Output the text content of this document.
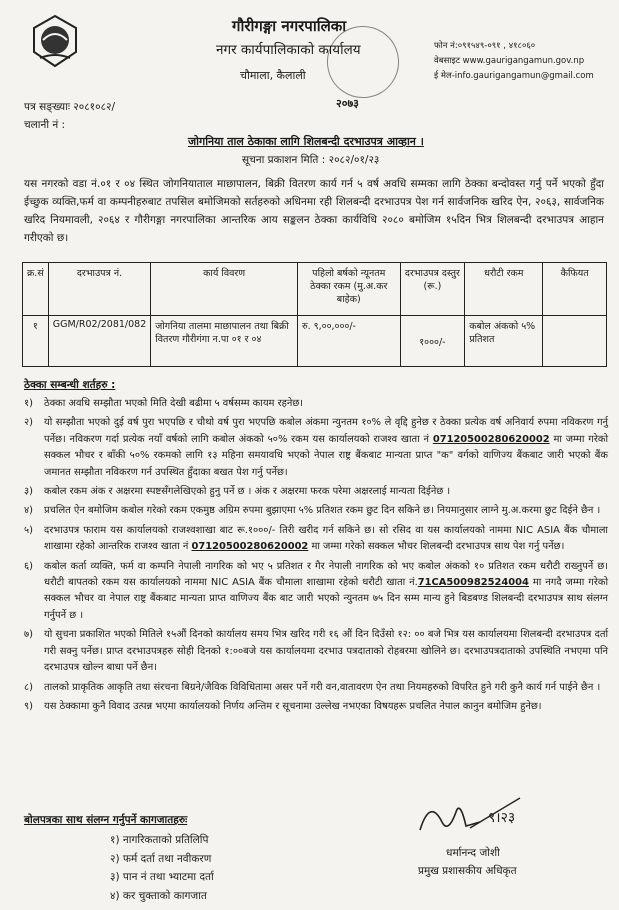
गौरीगङ्गा नगरपालिका
नगर कार्यपालिकाको कार्यालय
चौमाला, कैलाली
२०७३
फोन नं:०९१५४९-०९१ , ४१८०६०
वेबसाइट www.gaurigangamun.gov.np
ई मेल-info.gaurigangamun@gmail.com
पत्र सङ्ख्याः २०८१०८२/
चलानी नं :
जोगनिया ताल ठेकाका लागि शिलबन्दी दरभाउपत्र आव्हान ।
सूचना प्रकाशन मिति : २०८२/०१/२३
यस नगरको वडा नं.०१ र ०४ स्थित जोगनियाताल माछापालन, बिक्री वितरण कार्य गर्न ५ वर्ष अवधि सम्मका लागि ठेक्का बन्दोवस्त गर्नु पर्ने भएको हुँदा ईच्छुक व्यक्ति,फर्म वा कम्पनीहरुबाट तपसिल बमोजिमको सर्तहरुको अधिनमा रही शिलबन्दी दरभाउपत्र पेश गर्न सार्वजनिक खरिद ऐन, २०६३, सार्वजनिक खरिद नियमावली, २०६४ र गौरीगङ्गा नगरपालिका आन्तरिक आय सङ्कलन ठेक्का कार्यविधि २०८० बमोजिम १५दिन भित्र शिलबन्दी दरभाउपत्र आहान गरीएको छ।
क्र.सं	दरभाउपत्र नं.	कार्य विवरण	पहिलो बर्षको न्यूनतम ठेक्का रकम (मु.अ.कर बाहेक)	दरभाउपत्र दस्तुर (रू.)	धरौटी रकम	कैफियत
१	GGM/R02/2081/082	जोगनिया तालमा माछापालन तथा बिक्री वितरण गौरीगंगा न.पा ०१ र ०४	रु. ९,००,०००/-	१०००/-	कबोल अंकको ५% प्रतिशत	
ठेक्का सम्बन्धी शर्तहरु :
१)	ठेक्का अवधि सम्झौता भएको मिति देखी बढीमा ५ वर्षसम्म कायम रहनेछ।
२)	यो सम्झौता भएको दुई वर्ष पुरा भएपछि र चौथो वर्ष पुरा भएपछि कबोल अंकमा न्युनतम १०% ले वृद्दि हुनेछ र ठेक्का प्रत्येक वर्ष अनिवार्य रुपमा नविकरण गर्नु पर्नेछ। नविकरण गर्दा प्रत्येक नयाँ वर्षको लागि कबोल अंकको ५०% रकम यस कार्यालयको राजश्व खाता नं 07120500280620002 मा जम्मा गरेको सक्कल भौचर र बाँकी ५०% रकमको लागि १३ महिना समयावधि भएको नेपाल राष्ट्र बैंकबाट मान्यता प्राप्त "क" वर्गको वाणिज्य बैंकबाट जारी भएको बैंक जमानत सम्झौता नविकरण गर्न उपस्थित हुँदाका बखत पेश गर्नु पर्नेछ।
३)	कबोल रकम अंक र अक्षरमा स्पष्टसँगलेखिएको हुनु पर्ने छ । अंक र अक्षरमा फरक परेमा अक्षरलाई मान्यता दिईनेछ ।
४)	प्रचलित ऐन बमोजिम कबोल गरेको रकम एकमुष्ठ अग्रिम रुपमा बुझाएमा ५% प्रतिशत रकम छुट दिन सकिने छ। नियमानुसार लाग्ने मु.अ.करमा छुट दिईने छैन ।
५)	दरभाउपत्र फाराम यस कार्यालयको राजश्वशाखा बाट रू.१०००/- तिरी खरीद गर्न सकिने छ। सो रसिद वा यस कार्यालयको नाममा NIC ASIA बैंक चौमाला शाखामा रहेको आन्तरिक राजश्व खाता नं 07120500280620002 मा जम्मा गरेको सक्कल भौचर शिलबन्दी दरभाउपत्र साथ पेश गर्नु पर्नेछ।
६)	कबोल कर्ता व्यक्ति, फर्म वा कम्पनि नेपाली नागरिक को भए ५ प्रतिशत र गैर नेपाली नागरिक को भए कबोल अंकको १० प्रतिशत रकम धरौटी राख्नुपर्ने छ। धरौटी बापतको रकम यस कार्यालयको नाममा NIC ASIA बैंक चौमाला शाखामा रहेको धरौटी खाता नं.71CA500982524004 मा नगदै जम्मा गरेको सक्कल भौचर वा नेपाल राष्ट्र बैंकबाट मान्यता प्राप्त वाणिज्य बैंक बाट जारी भएको न्युनतम ७५ दिन सम्म मान्य हुने बिडबण्ड शिलबन्दी दरभाउपत्र साथ संलग्न गर्नुपर्ने छ ।
७)	यो सुचना प्रकाशित भएको मितिले १५औं दिनको कार्यालय समय भित्र खरिद गरी १६ औं दिन दिउँसो १२: ०० बजे भित्र यस कार्यालयमा शिलबन्दी दरभाउपत्र दर्ता गरी सक्नु पर्नेछ। प्राप्त दरभाउपत्रहरु सोही दिनको १:००बजे यस कार्यालयमा दरभाउ पत्रदाताको रोहबरमा खोलिने छ। दरभाउपत्रदाताको उपस्थिति नभएमा पनि दरभाउपत्र खोल्न बाधा पर्ने छैन।
८)	तालको प्राकृतिक आकृति तथा संरचना बिग्रने/जैविक विविधितामा असर पर्ने गरी वन,वातावरण ऐन तथा नियमहरुको विपरित हुने गरी कुनै कार्य गर्न पाईने छैन ।
९)	यस ठेक्कामा कुनै विवाद उत्पन्न भएमा कार्यालयको निर्णय अन्तिम र सूचनामा उल्लेख नभएका विषयहरू प्रचलित नेपाल कानुन बमोजिम हुनेछ।
बोलपत्रका साथ संलग्न गर्नुपर्ने कागजातहरुः
१) नागरिकताको प्रतिलिपि
२) फर्म दर्ता तथा नवीकरण
३) पान नं तथा भ्याटमा दर्ता
४) कर चुक्ताको कागजात
९।२३
धर्मानन्द जोशी
प्रमुख प्रशासकीय अधिकृत
